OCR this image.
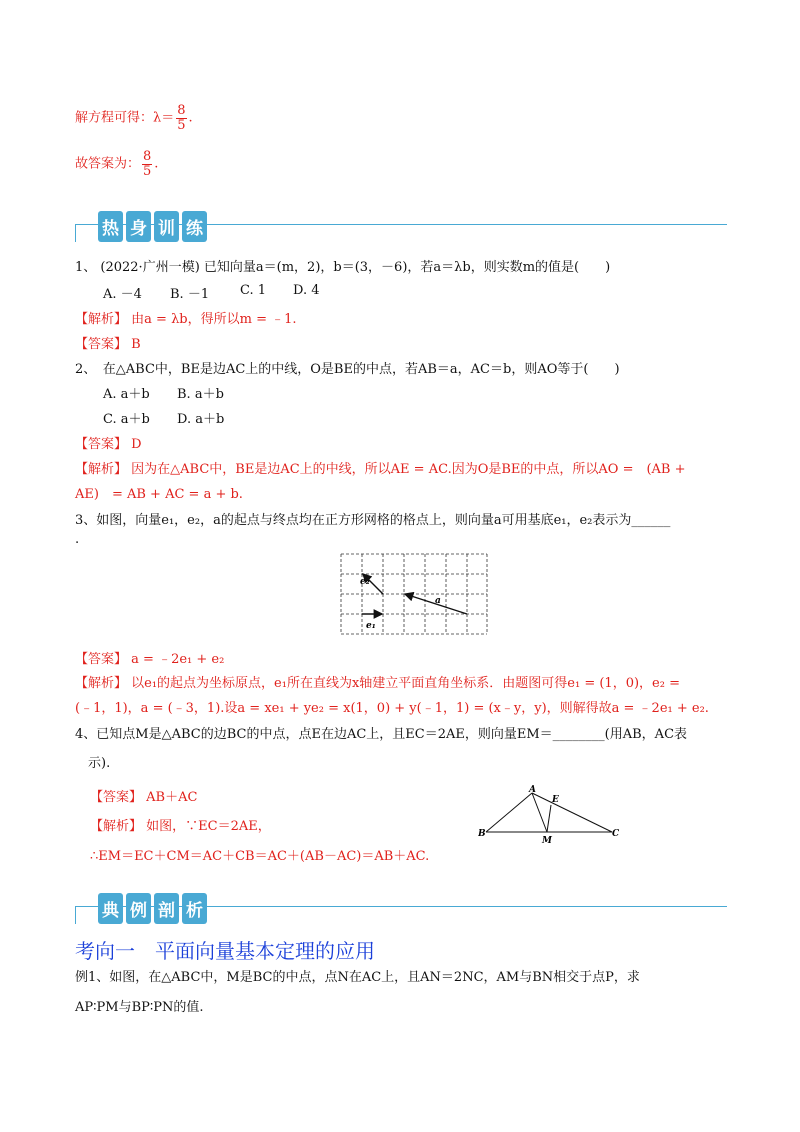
解方程可得：$\lambda= \frac{8}{5}$ .
故答案为： $\frac{8}{5}$ .
热 身 训 练
1、 (2022·广州一模) 已知向量a＝(m，2)，b＝(3，－6)，若a＝λb，则实数m的值是(　　)
A. －4 B. －1 C. 1 D. 4
【解析】 由a = λb，得所以m = ﹣1.
【答案】 B
2、　在△ABC中，BE是边AC上的中线，O是BE的中点，若AB＝a，AC＝b，则AO等于(　　)
A. a＋b B. a＋b
C. a＋b D. a＋b
【答案】 D
【解析】 因为在△ABC中，BE是边AC上的中线，所以AE = AC.因为O是BE的中点，所以AO =　(AB +
AE)　= AB + AC = a + b.
3、如图，向量e₁，e₂，a的起点与终点均在正方形网格的格点上，则向量a可用基底e₁，e₂表示为______
.
e₂
a
e₁
【答案】 a = ﹣2e₁ + e₂
【解析】 以e₁的起点为坐标原点，e₁所在直线为x轴建立平面直角坐标系．由题图可得e₁ = (1，0)，e₂ =
(﹣1，1)，a = (﹣3，1).设a = xe₁ + ye₂ = x(1，0) + y(﹣1，1) = (x﹣y，y)，则解得故a = ﹣2e₁ + e₂.
4、已知点M是△ABC的边BC的中点，点E在边AC上，且EC＝2AE，则向量EM＝________(用AB，AC表
示).
【答案】 AB＋AC
【解析】 如图，∵EC＝2AE，
∴EM＝EC＋CM＝AC＋CB＝AC＋(AB－AC)＝AB＋AC.
A
E
B
M
C
典 例 剖 析
考向一　平面向量基本定理的应用
例1、如图，在△ABC中，M是BC的中点，点N在AC上，且AN＝2NC，AM与BN相交于点P，求
AP∶PM与BP∶PN的值.
